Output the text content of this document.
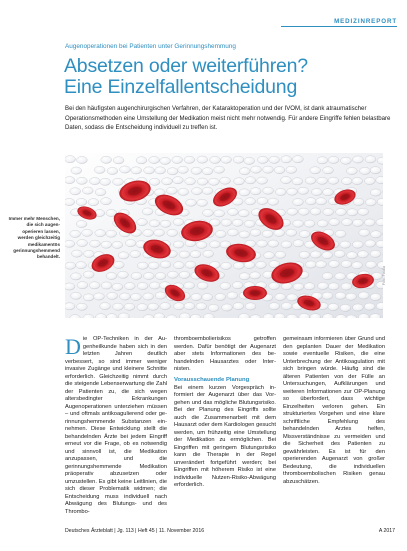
MEDIZINREPORT
Augenoperationen bei Patienten unter Gerinnungshemmung
Absetzen oder weiterführen?
Eine Einzelfallentscheidung

Bei den häufigsten augenchirurgischen Verfahren, der Kataraktoperation und der IVOM, ist dank atraumatischer Operationsmethoden eine Umstellung der Medikation meist nicht mehr notwendig. Für andere Eingriffe fehlen belastbare Daten, sodass die Entscheidung individuell zu treffen ist.

Foto: Fotolia

Immer mehr Menschen, die sich augenoperieren lassen, werden gleichzeitig medikamentös gerinnungshemmend behandelt.

Die OP-Techniken in der Augenheilkunde haben sich in den letzten Jahren deutlich verbessert, so sind immer weniger invasive Zugänge und kleinere Schnitte erforderlich. Gleichzeitig nimmt durch die steigende Lebenserwartung die Zahl der Patienten zu, die sich wegen altersbedingter Erkrankungen Augenoperationen unterziehen müssen – und oftmals antikoagulierend oder gerinnungshemmende Substanzen einnehmen. Diese Entwicklung stellt die behandelnden Ärzte bei jedem Eingriff erneut vor die Frage, ob es notwendig und sinnvoll ist, die Medikation anzupassen, und die gerinnungshemmende Medikation präoperativ abzusetzen oder umzustellen. Es gibt keine Leitlinien, die sich dieser Problematik widmen; die Entscheidung muss individuell nach Abwägung des Blutungs- und des Thrombo-

thromboembolierisikos getroffen werden. Dafür benötigt der Augenarzt aber stets Informationen des behandelnden Hausarztes oder Internisten.

Vorausschauende Planung

Bei einem kurzen Vorgespräch informiert der Augenarzt über das Vorgehen und das mögliche Blutungsrisiko. Bei der Planung des Eingriffs sollte auch die Zusammenarbeit mit dem Hausarzt oder dem Kardiologen gesucht werden, um frühzeitig eine Umstellung der Medikation zu ermöglichen. Bei Eingriffen mit geringem Blutungsrisiko kann die Therapie in der Regel unverändert fortgeführt werden; bei Eingriffen mit höherem Risiko ist eine individuelle Nutzen-Risiko-Abwägung erforderlich.

gemeinsam informieren über Grund und den geplanten Dauer der Medikation sowie eventuelle Risiken, die eine Unterbrechung der Antikoagulation mit sich bringen würde. Häufig sind die älteren Patienten von der Fülle an Untersuchungen, Aufklärungen und weiteren Informationen zur OP-Planung so überfordert, dass wichtige Einzelheiten verloren gehen. Ein strukturiertes Vorgehen und eine klare schriftliche Empfehlung des behandelnden Arztes helfen, Missverständnisse zu vermeiden und die Sicherheit des Patienten zu gewährleisten. Es ist für den operierenden Augenarzt von großer Bedeutung, die individuellen thromboembolischen Risiken genau abzuschätzen.

Deutsches Ärzteblatt | Jg. 113 | Heft 45 | 11. November 2016	A 2017
